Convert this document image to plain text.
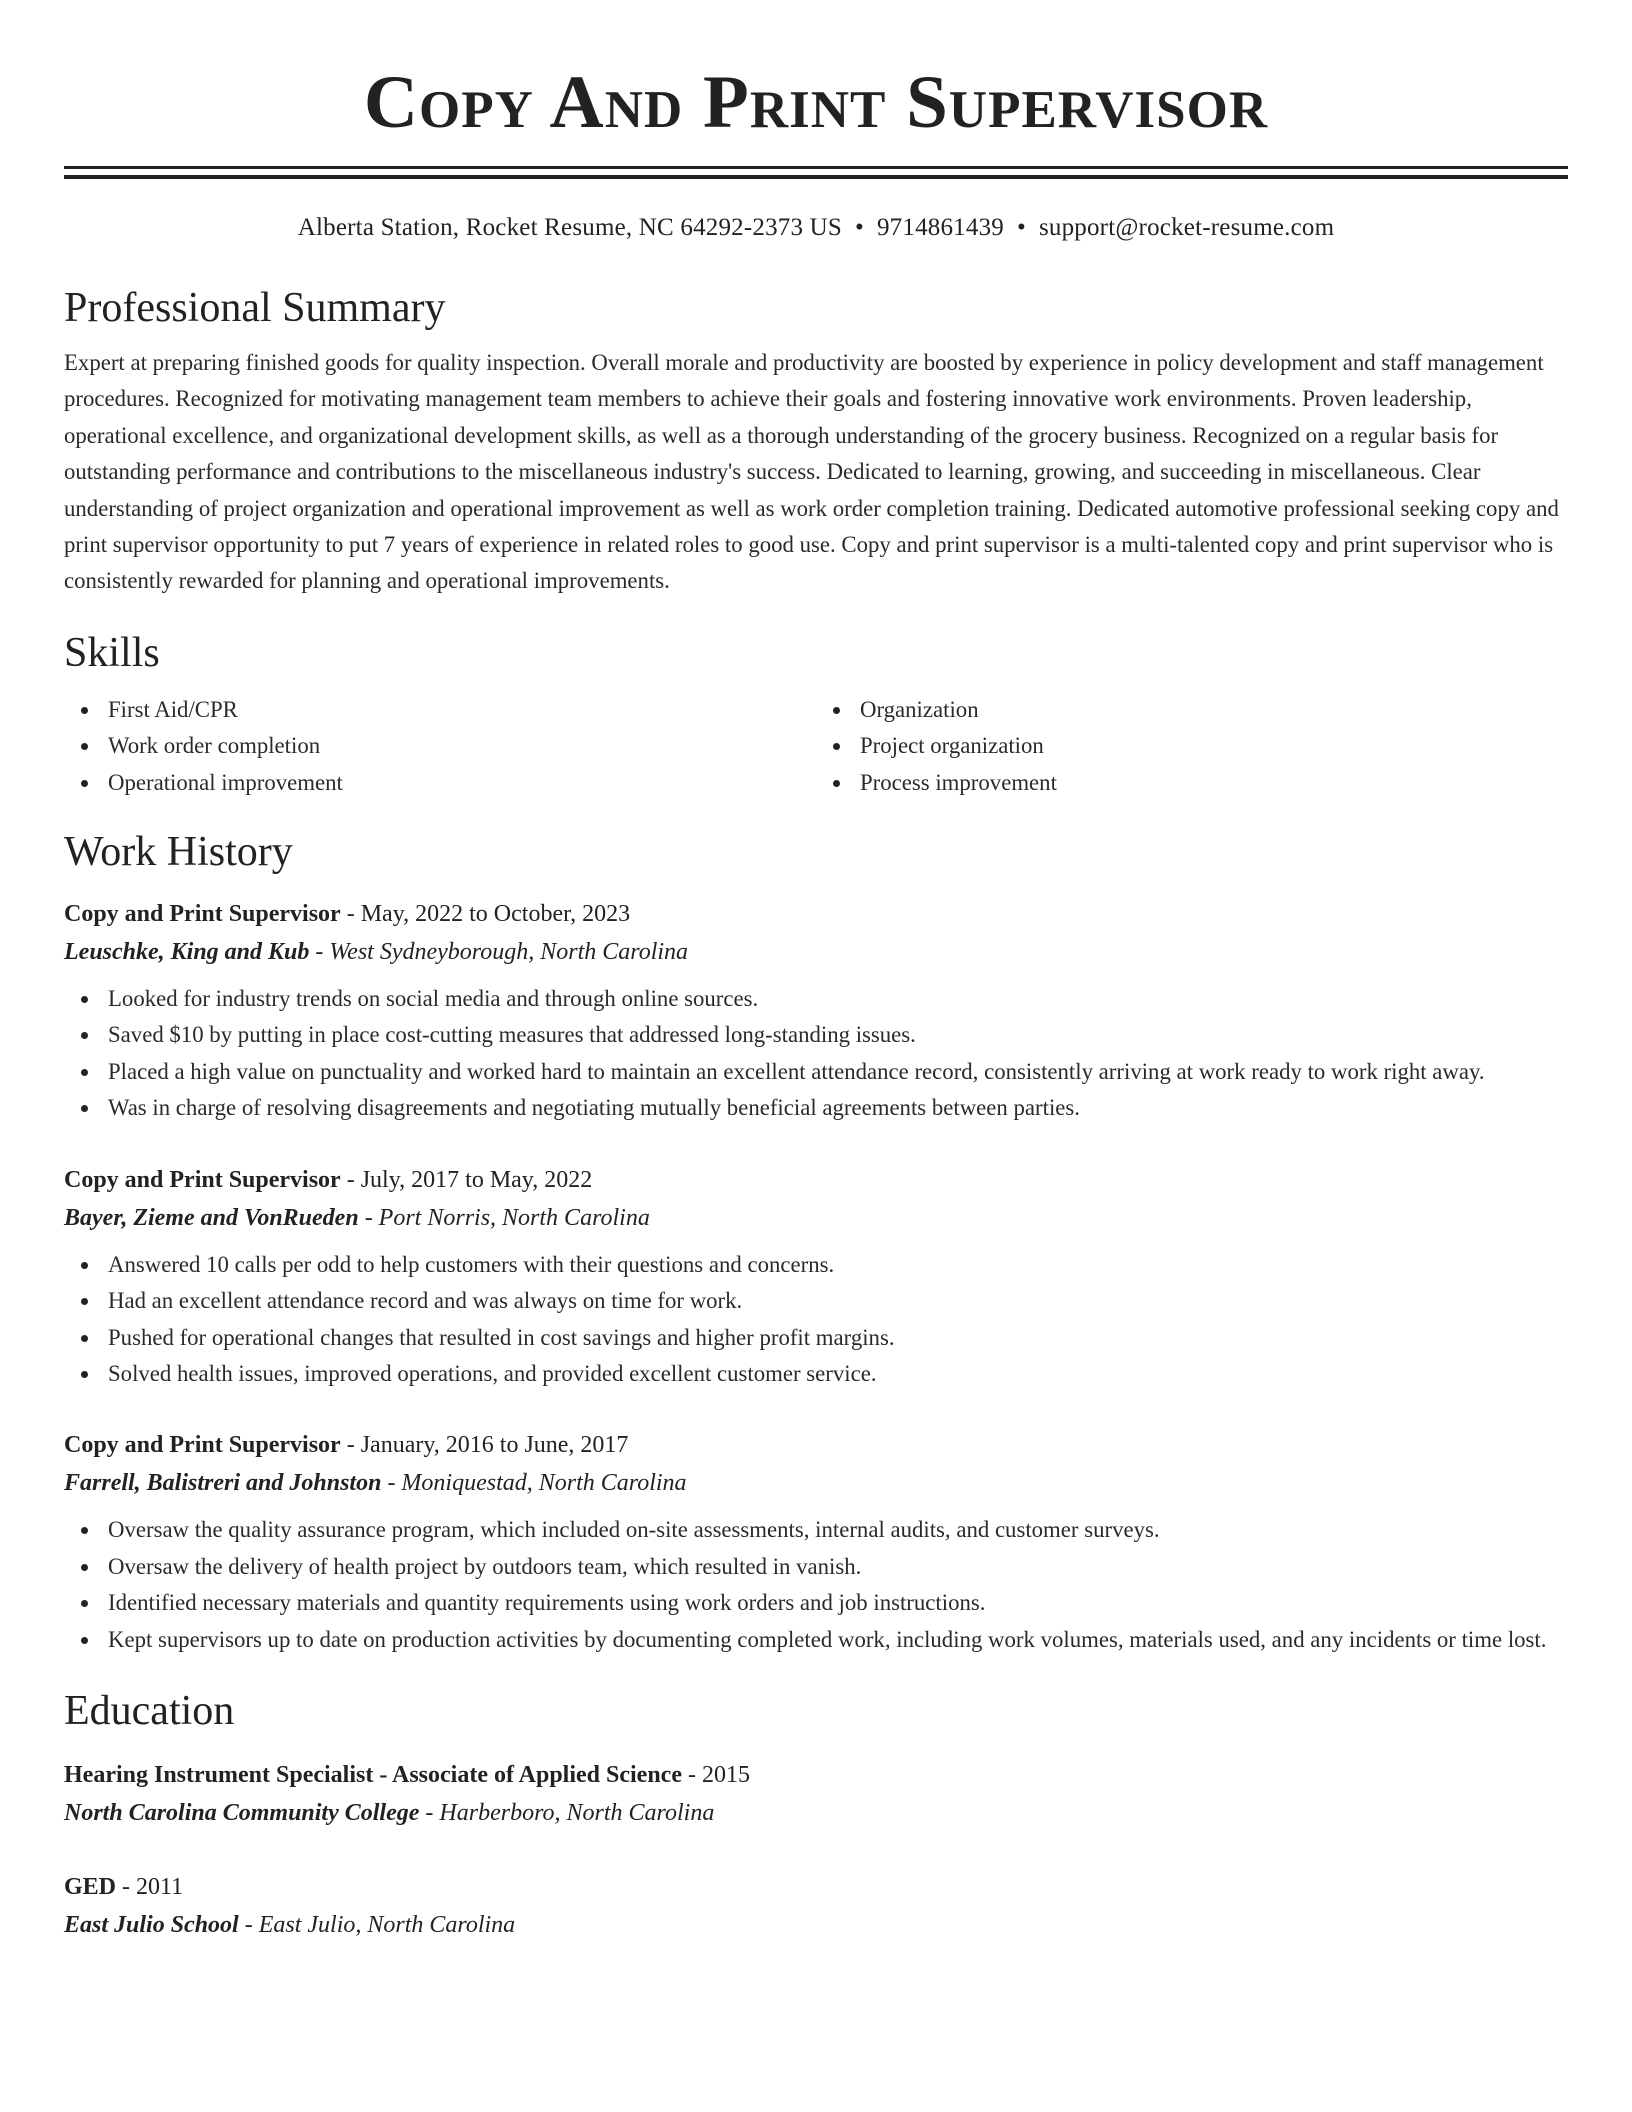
Copy And Print Supervisor
Alberta Station, Rocket Resume, NC 64292-2373 US • 9714861439 • support@rocket-resume.com
Professional Summary

Expert at preparing finished goods for quality inspection. Overall morale and productivity are boosted by experience in policy development and staff management procedures. Recognized for motivating management team members to achieve their goals and fostering innovative work environments. Proven leadership, operational excellence, and organizational development skills, as well as a thorough understanding of the grocery business. Recognized on a regular basis for outstanding performance and contributions to the miscellaneous industry's success. Dedicated to learning, growing, and succeeding in miscellaneous. Clear understanding of project organization and operational improvement as well as work order completion training. Dedicated automotive professional seeking copy and print supervisor opportunity to put 7 years of experience in related roles to good use. Copy and print supervisor is a multi-talented copy and print supervisor who is consistently rewarded for planning and operational improvements.

Skills
First Aid/CPR
Work order completion
Operational improvement
Organization
Project organization
Process improvement
Work History
Copy and Print Supervisor - May, 2022 to October, 2023
Leuschke, King and Kub - West Sydneyborough, North Carolina
Looked for industry trends on social media and through online sources.
Saved $10 by putting in place cost-cutting measures that addressed long-standing issues.
Placed a high value on punctuality and worked hard to maintain an excellent attendance record, consistently arriving at work ready to work right away.
Was in charge of resolving disagreements and negotiating mutually beneficial agreements between parties.
Copy and Print Supervisor - July, 2017 to May, 2022
Bayer, Zieme and VonRueden - Port Norris, North Carolina
Answered 10 calls per odd to help customers with their questions and concerns.
Had an excellent attendance record and was always on time for work.
Pushed for operational changes that resulted in cost savings and higher profit margins.
Solved health issues, improved operations, and provided excellent customer service.
Copy and Print Supervisor - January, 2016 to June, 2017
Farrell, Balistreri and Johnston - Moniquestad, North Carolina
Oversaw the quality assurance program, which included on-site assessments, internal audits, and customer surveys.
Oversaw the delivery of health project by outdoors team, which resulted in vanish.
Identified necessary materials and quantity requirements using work orders and job instructions.
Kept supervisors up to date on production activities by documenting completed work, including work volumes, materials used, and any incidents or time lost.
Education
Hearing Instrument Specialist - Associate of Applied Science - 2015
North Carolina Community College - Harberboro, North Carolina
GED - 2011
East Julio School - East Julio, North Carolina
